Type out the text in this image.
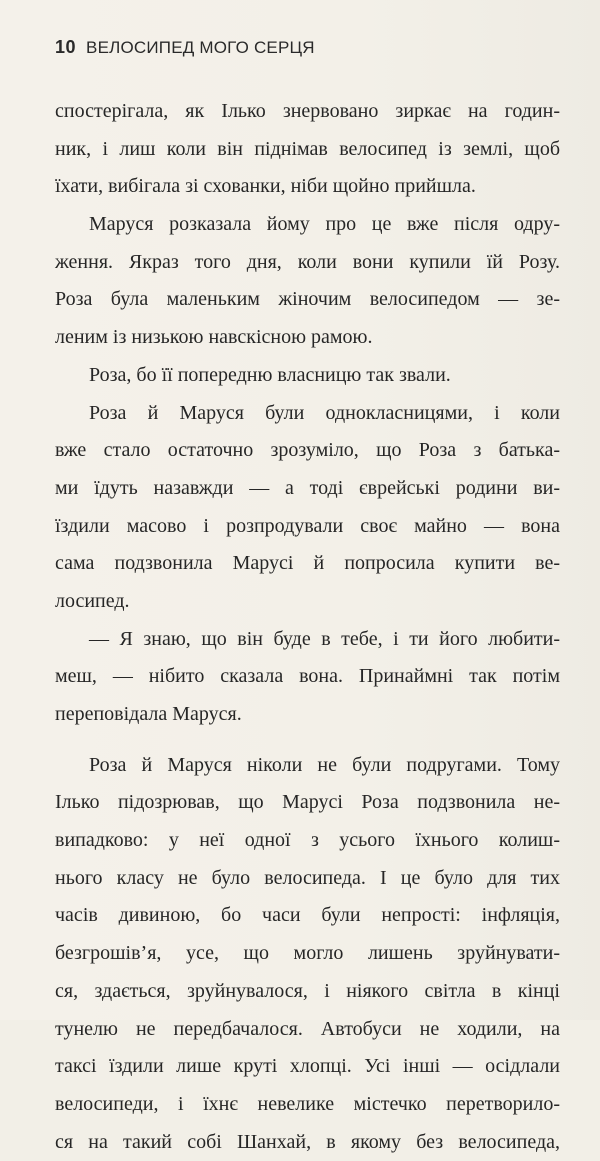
10 ВЕЛОСИПЕД МОГО СЕРЦЯ
спостерігала, як Ілько знервовано зиркає на годин-
ник, і лиш коли він піднімав велосипед із землі, щоб
їхати, вибігала зі схованки, ніби щойно прийшла.
Маруся розказала йому про це вже після одру-
ження. Якраз того дня, коли вони купили їй Розу.
Роза була маленьким жіночим велосипедом — зе-
леним із низькою навскісною рамою.
Роза, бо її попередню власницю так звали.
Роза й Маруся були однокласницями, і коли
вже стало остаточно зрозуміло, що Роза з батька-
ми їдуть назавжди — а тоді єврейські родини ви-
їздили масово і розпродували своє майно — вона
сама подзвонила Марусі й попросила купити ве-
лосипед.
— Я знаю, що він буде в тебе, і ти його любити-
меш, — нібито сказала вона. Принаймні так потім
переповідала Маруся.
Роза й Маруся ніколи не були подругами. Тому
Ілько підозрював, що Марусі Роза подзвонила не-
випадково: у неї одної з усього їхнього колиш-
нього класу не було велосипеда. І це було для тих
часів дивиною, бо часи були непрості: інфляція,
безгрошів’я, усе, що могло лишень зруйнувати-
ся, здається, зруйнувалося, і ніякого світла в кінці
тунелю не передбачалося. Автобуси не ходили, на
таксі їздили лише круті хлопці. Усі інші — осідлали
велосипеди, і їхнє невелике містечко перетворило-
ся на такий собі Шанхай, в якому без велосипеда,
